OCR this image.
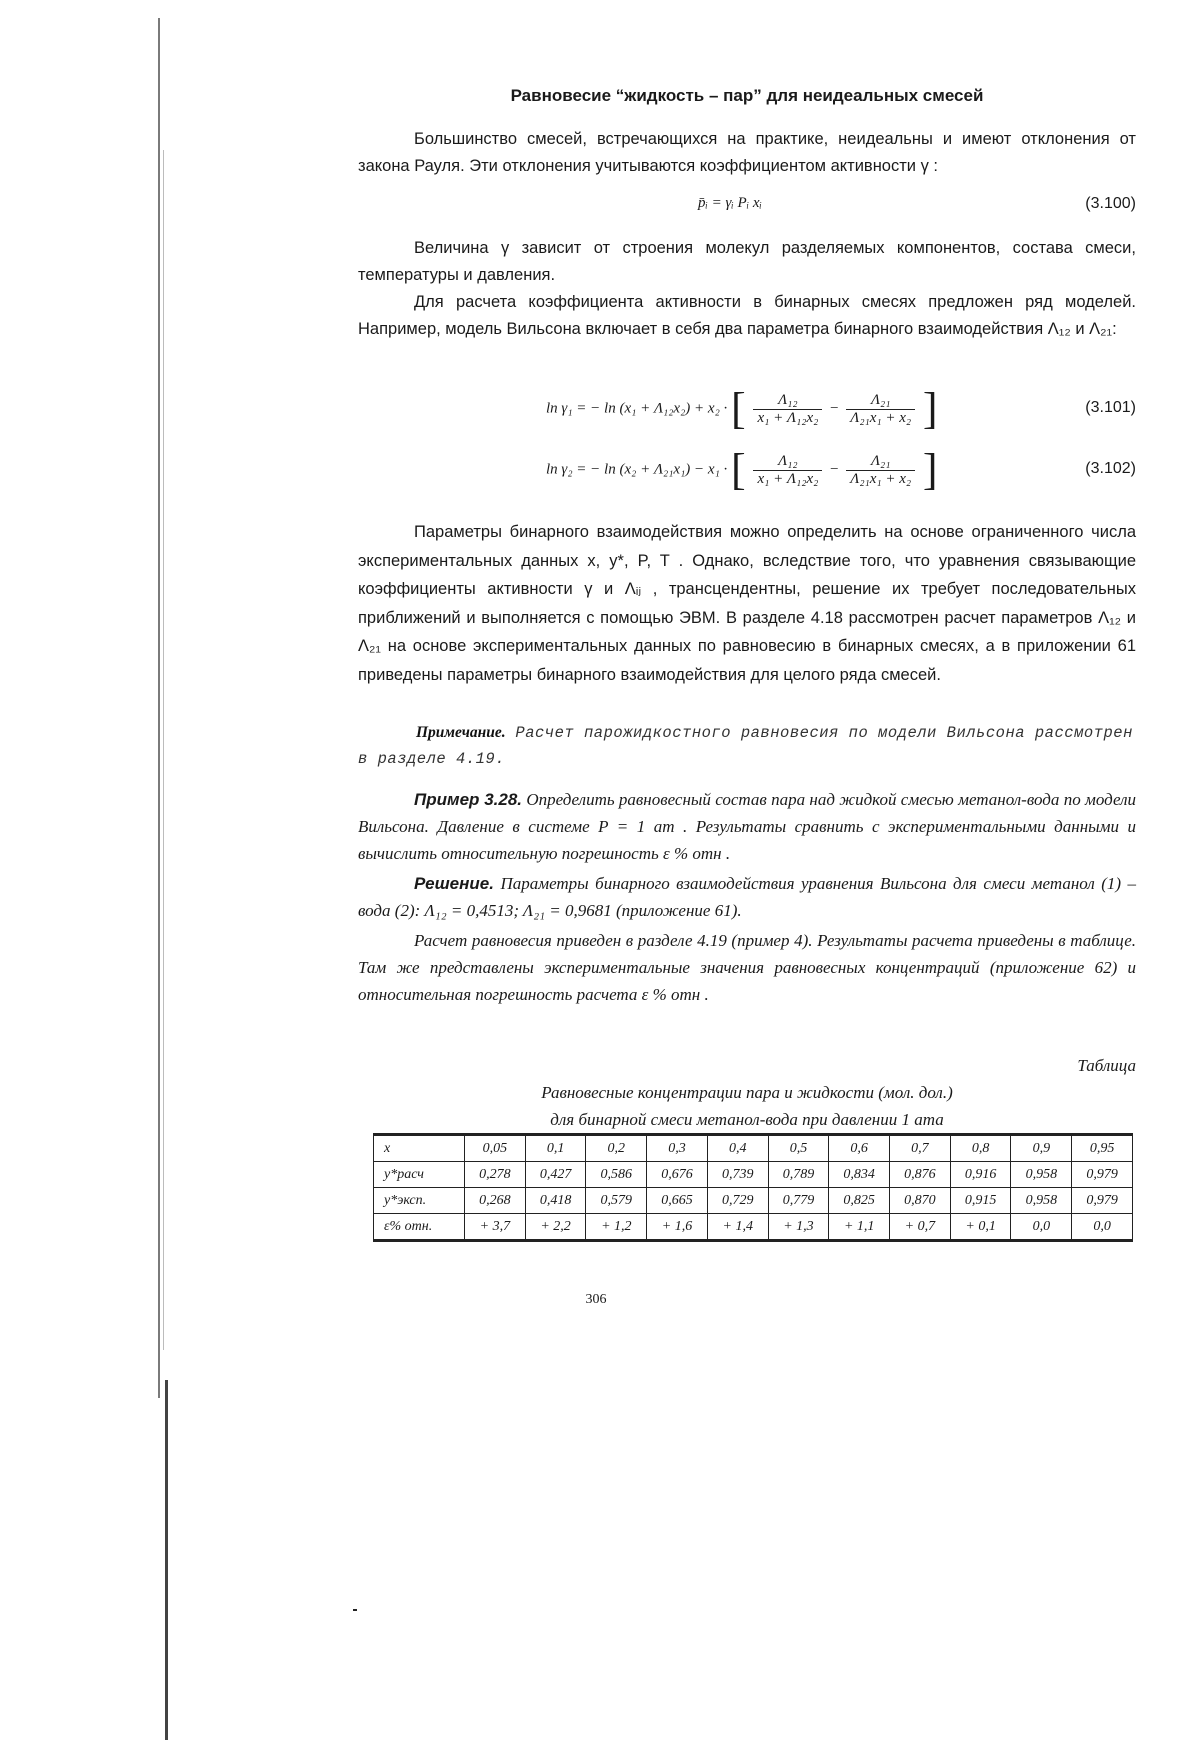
Равновесие “жидкость – пар” для неидеальных смесей

Большинство смесей, встречающихся на практике, неидеальны и имеют отклонения от закона Рауля. Эти отклонения учитываются коэффициентом активности γ :

p̄ᵢ = γᵢ Pᵢ xᵢ	(3.100)

Величина γ зависит от строения молекул разделяемых компонентов, состава смеси, температуры и давления.

Для расчета коэффициента активности в бинарных смесях предложен ряд моделей. Например, модель Вильсона включает в себя два параметра бинарного взаимодействия Λ₁₂ и Λ₂₁:

ln γ₁ = − ln (x₁ + Λ₁₂x₂) + x₂ · [ $\frac{\text{Λ₁₂}}{\text{x₁ + Λ₁₂x₂}} - \frac{\text{Λ₂₁}}{\text{Λ₂₁x₁ + x₂}}$ ]	(3.101)
ln γ₂ = − ln (x₂ + Λ₂₁x₁) − x₁ · [ $\frac{\text{Λ₁₂}}{\text{x₁ + Λ₁₂x₂}} - \frac{\text{Λ₂₁}}{\text{Λ₂₁x₁ + x₂}}$ ]	(3.102)

Параметры бинарного взаимодействия можно определить на основе ограниченного числа экспериментальных данных x, y*, P, T . Однако, вследствие того, что уравнения связывающие коэффициенты активности γ и Λᵢⱼ , трансцендентны, решение их требует последовательных приближений и выполняется с помощью ЭВМ. В разделе 4.18 рассмотрен расчет параметров Λ₁₂ и Λ₂₁ на основе экспериментальных данных по равновесию в бинарных смесях, а в приложении 61 приведены параметры бинарного взаимодействия для целого ряда смесей.

Примечание. Расчет парожидкостного равновесия по модели Вильсона рассмотрен в разделе 4.19.

Пример 3.28. Определить равновесный состав пара над жидкой смесью метанол-вода по модели Вильсона. Давление в системе P = 1 ат . Результаты сравнить с экспериментальными данными и вычислить относительную погрешность ε % отн .

Решение. Параметры бинарного взаимодействия уравнения Вильсона для смеси метанол (1) – вода (2): Λ₁₂ = 0,4513; Λ₂₁ = 0,9681 (приложение 61).

Расчет равновесия приведен в разделе 4.19 (пример 4). Результаты расчета приведены в таблице. Там же представлены экспериментальные значения равновесных концентраций (приложение 62) и относительная погрешность расчета ε % отн .

Таблица

Равновесные концентрации пара и жидкости (мол. дол.)

для бинарной смеси метанол-вода при давлении 1 ата

x	0,05	0,1	0,2	0,3	0,4	0,5	0,6	0,7	0,8	0,9	0,95
y*расч	0,278	0,427	0,586	0,676	0,739	0,789	0,834	0,876	0,916	0,958	0,979
y*эксп.	0,268	0,418	0,579	0,665	0,729	0,779	0,825	0,870	0,915	0,958	0,979
ε% отн.	+ 3,7	+ 2,2	+ 1,2	+ 1,6	+ 1,4	+ 1,3	+ 1,1	+ 0,7	+ 0,1	0,0	0,0
306
